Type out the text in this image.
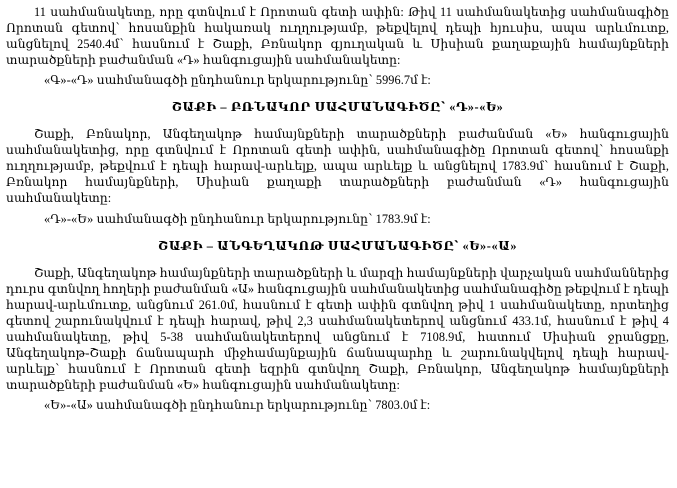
11 սահմանակետը, որը գտնվում է Որոտան գետի ափին: Թիվ 11 սահմանակետից սահմանագիծը Որոտան գետով՝ հոսանքին հակառակ ուղղությամբ, թեքվելով դեպի հյուսիս, ապա արևմուտք, անցնելով 2540.4մ՝ հասնում է Շաքի, Բռնակոր գյուղական և Սիսիան քաղաքային համայնքների տարածքների բաժանման «Դ» հանգուցային սահմանակետը:

«Գ»-«Դ» սահմանագծի ընդհանուր երկարությունը՝ 5996.7մ է:

ՇԱՔԻ – ԲՌՆԱԿՈՐ ՍԱՀՄԱՆԱԳԻԾԸ՝ «Դ»-«Ե»

Շաքի, Բռնակոր, Անգեղակոթ համայնքների տարածքների բաժանման «Ե» հանգուցային սահմանակետից, որը գտնվում է Որոտան գետի ափին, սահմանագիծը Որոտան գետով՝ հոսանքի ուղղությամբ, թեքվում է դեպի հարավ-արևելք, ապա արևելք և անցնելով 1783.9մ՝ հասնում է Շաքի, Բռնակոր համայնքների, Սիսիան քաղաքի տարածքների բաժանման «Դ» հանգուցային սահմանակետը:

«Դ»-«Ե» սահմանագծի ընդհանուր երկարությունը՝ 1783.9մ է:

ՇԱՔԻ – ԱՆԳԵՂԱԿՈԹ ՍԱՀՄԱՆԱԳԻԾԸ՝ «Ե»-«Ա»

Շաքի, Անգեղակոթ համայնքների տարածքների և մարզի համայնքների վարչական սահմաններից դուրս գտնվող հողերի բաժանման «Ա» հանգուցային սահմանակետից սահմանագիծը թեքվում է դեպի հարավ-արևմուտք, անցնում 261.0մ, հասնում է գետի ափին գտնվող թիվ 1 սահմանակետը, որտեղից գետով շարունակվում է դեպի հարավ, թիվ 2,3 սահմանակետերով անցնում 433.1մ, հասնում է թիվ 4 սահմանակետը, թիվ 5-38 սահմանակետերով անցնում է 7108.9մ, հատում Սիսիան ջրանցքը, Անգեղակոթ-Շաքի ճանապարհ միջհամայնքային ճանապարհը և շարունակվելով դեպի հարավ-արևելք՝ հասնում է Որոտան գետի եզրին գտնվող Շաքի, Բռնակոր, Անգեղակոթ համայնքների տարածքների բաժանման «Ե» հանգուցային սահմանակետը:

«Ե»-«Ա» սահմանագծի ընդհանուր երկարությունը՝ 7803.0մ է:
